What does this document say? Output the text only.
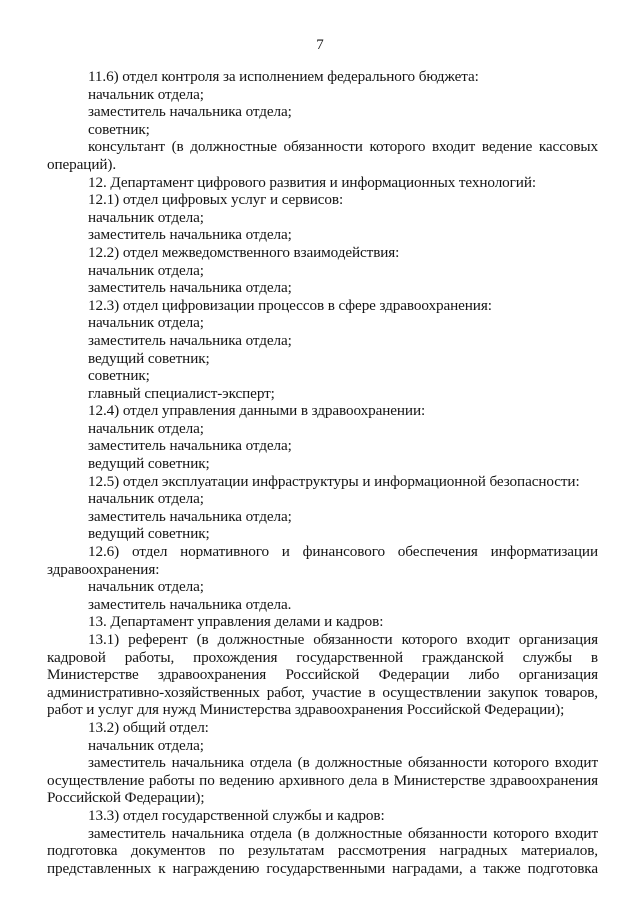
7

11.6) отдел контроля за исполнением федерального бюджета:

начальник отдела;

заместитель начальника отдела;

советник;

консультант (в должностные обязанности которого входит ведение кассовых операций).

12. Департамент цифрового развития и информационных технологий:

12.1) отдел цифровых услуг и сервисов:

начальник отдела;

заместитель начальника отдела;

12.2) отдел межведомственного взаимодействия:

начальник отдела;

заместитель начальника отдела;

12.3) отдел цифровизации процессов в сфере здравоохранения:

начальник отдела;

заместитель начальника отдела;

ведущий советник;

советник;

главный специалист-эксперт;

12.4) отдел управления данными в здравоохранении:

начальник отдела;

заместитель начальника отдела;

ведущий советник;

12.5) отдел эксплуатации инфраструктуры и информационной безопасности:

начальник отдела;

заместитель начальника отдела;

ведущий советник;

12.6) отдел нормативного и финансового обеспечения информатизации здравоохранения:

начальник отдела;

заместитель начальника отдела.

13. Департамент управления делами и кадров:

13.1) референт (в должностные обязанности которого входит организация кадровой работы, прохождения государственной гражданской службы в Министерстве здравоохранения Российской Федерации либо организация административно-хозяйственных работ, участие в осуществлении закупок товаров, работ и услуг для нужд Министерства здравоохранения Российской Федерации);

13.2) общий отдел:

начальник отдела;

заместитель начальника отдела (в должностные обязанности которого входит осуществление работы по ведению архивного дела в Министерстве здравоохранения Российской Федерации);

13.3) отдел государственной службы и кадров:

заместитель начальника отдела (в должностные обязанности которого входит подготовка документов по результатам рассмотрения наградных материалов, представленных к награждению государственными наградами, а также подготовка
